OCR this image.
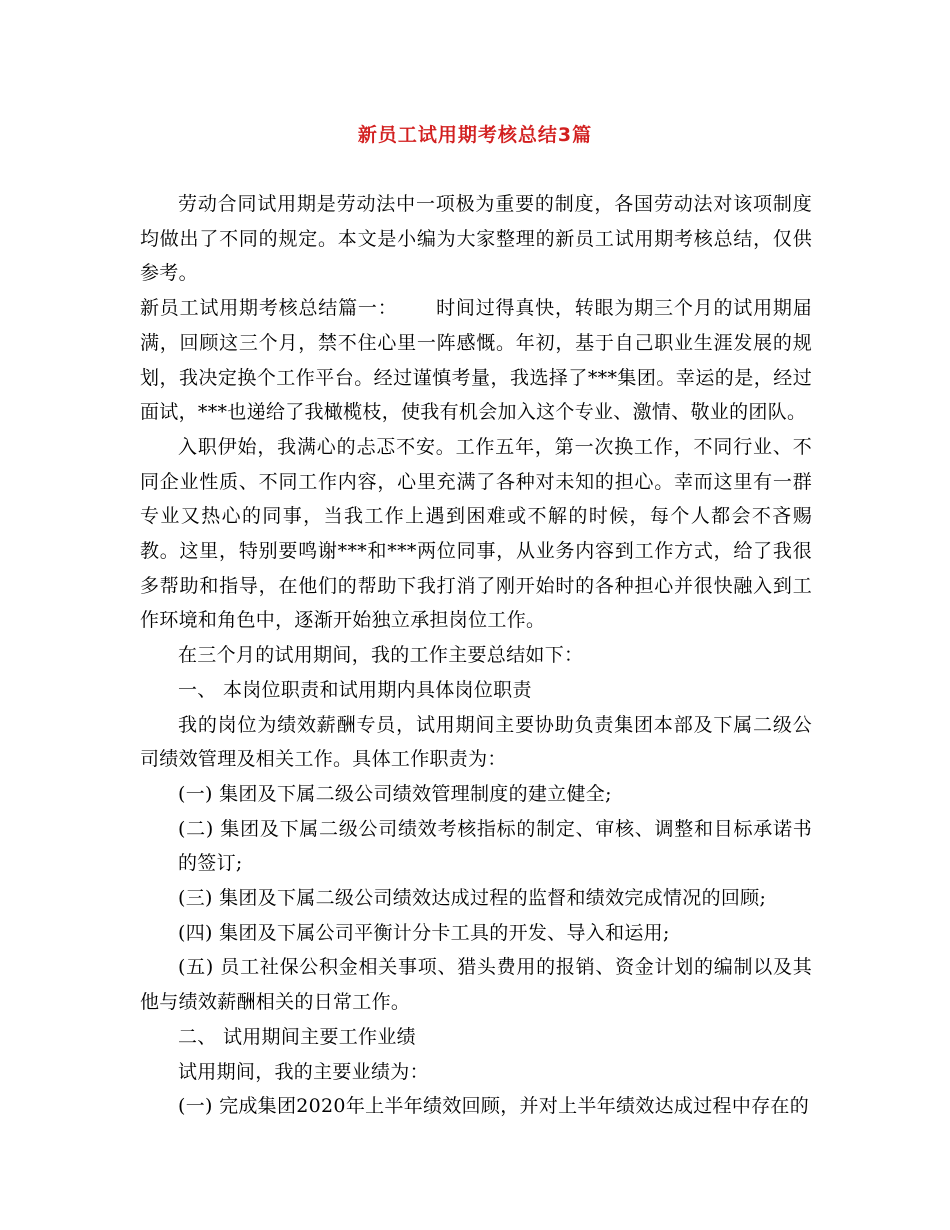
新员工试用期考核总结3篇

劳动合同试用期是劳动法中一项极为重要的制度，各国劳动法对该项制度均做出了不同的规定。本文是小编为大家整理的新员工试用期考核总结，仅供参考。

新员工试用期考核总结篇一： 时间过得真快，转眼为期三个月的试用期届满，回顾这三个月，禁不住心里一阵感慨。年初，基于自己职业生涯发展的规划，我决定换个工作平台。经过谨慎考量，我选择了***集团。幸运的是，经过面试，***也递给了我橄榄枝，使我有机会加入这个专业、激情、敬业的团队。

入职伊始，我满心的忐忑不安。工作五年，第一次换工作，不同行业、不同企业性质、不同工作内容，心里充满了各种对未知的担心。幸而这里有一群专业又热心的同事，当我工作上遇到困难或不解的时候，每个人都会不吝赐教。这里，特别要鸣谢***和***两位同事，从业务内容到工作方式，给了我很多帮助和指导，在他们的帮助下我打消了刚开始时的各种担心并很快融入到工作环境和角色中，逐渐开始独立承担岗位工作。

在三个月的试用期间，我的工作主要总结如下：

一、 本岗位职责和试用期内具体岗位职责

我的岗位为绩效薪酬专员，试用期间主要协助负责集团本部及下属二级公司绩效管理及相关工作。具体工作职责为：

(一) 集团及下属二级公司绩效管理制度的建立健全;

(二) 集团及下属二级公司绩效考核指标的制定、审核、调整和目标承诺书的签订;

(三) 集团及下属二级公司绩效达成过程的监督和绩效完成情况的回顾;

(四) 集团及下属公司平衡计分卡工具的开发、导入和运用;

(五) 员工社保公积金相关事项、猎头费用的报销、资金计划的编制以及其他与绩效薪酬相关的日常工作。

二、 试用期间主要工作业绩

试用期间，我的主要业绩为：

(一) 完成集团2020年上半年绩效回顾，并对上半年绩效达成过程中存在的
